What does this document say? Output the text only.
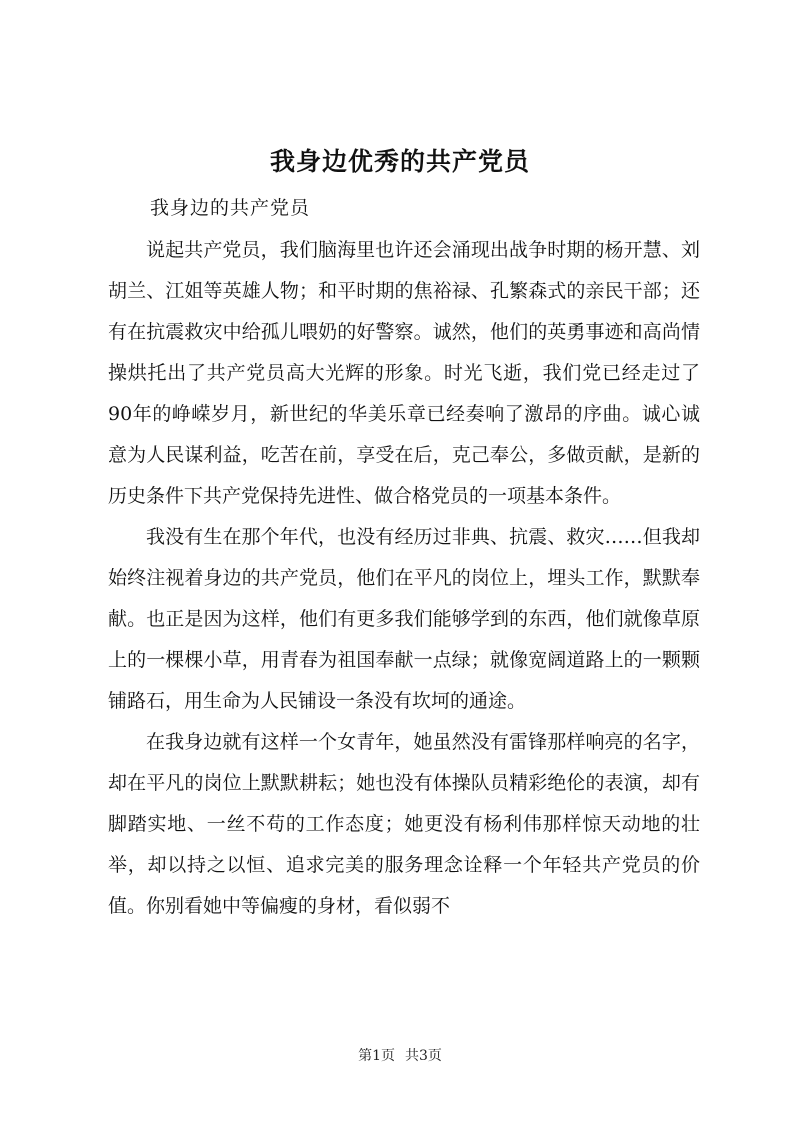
我身边优秀的共产党员

我身边的共产党员

说起共产党员，我们脑海里也许还会涌现出战争时期的杨开慧、刘胡兰、江姐等英雄人物；和平时期的焦裕禄、孔繁森式的亲民干部；还有在抗震救灾中给孤儿喂奶的好警察。诚然，他们的英勇事迹和高尚情操烘托出了共产党员高大光辉的形象。时光飞逝，我们党已经走过了90年的峥嵘岁月，新世纪的华美乐章已经奏响了激昂的序曲。诚心诚意为人民谋利益，吃苦在前，享受在后，克己奉公，多做贡献，是新的历史条件下共产党保持先进性、做合格党员的一项基本条件。

我没有生在那个年代，也没有经历过非典、抗震、救灾……但我却始终注视着身边的共产党员，他们在平凡的岗位上，埋头工作，默默奉献。也正是因为这样，他们有更多我们能够学到的东西，他们就像草原上的一棵棵小草，用青春为祖国奉献一点绿；就像宽阔道路上的一颗颗铺路石，用生命为人民铺设一条没有坎坷的通途。

在我身边就有这样一个女青年，她虽然没有雷锋那样响亮的名字，却在平凡的岗位上默默耕耘；她也没有体操队员精彩绝伦的表演，却有脚踏实地、一丝不苟的工作态度；她更没有杨利伟那样惊天动地的壮举，却以持之以恒、追求完美的服务理念诠释一个年轻共产党员的价值。你别看她中等偏瘦的身材，看似弱不

第1页 共3页
